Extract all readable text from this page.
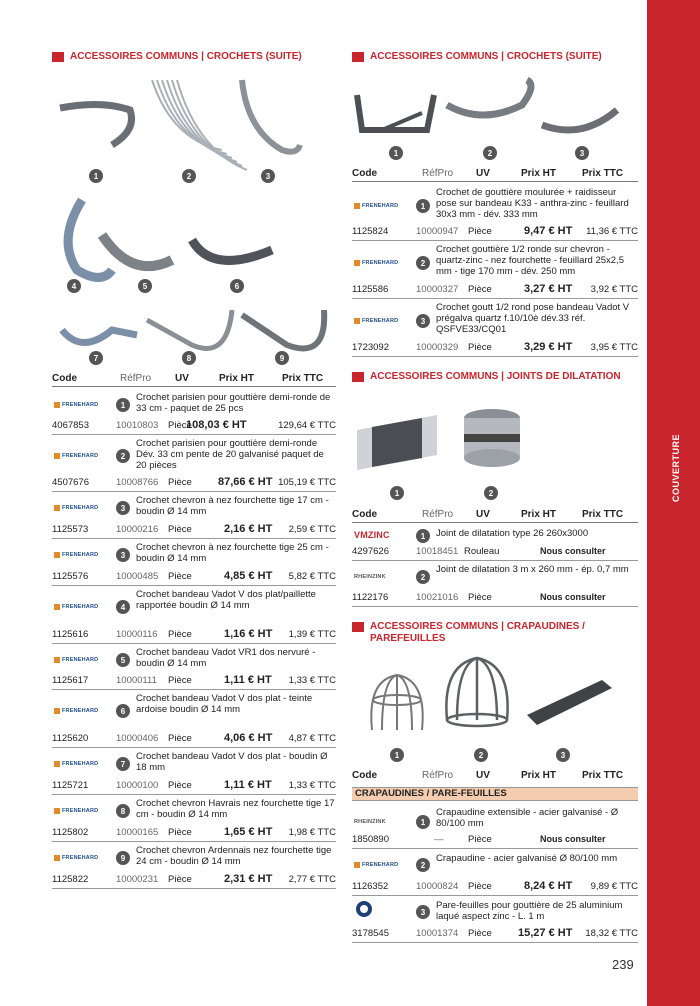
COUVERTURE
239
ACCESSOIRES COMMUNS | CROCHETS (SUITE)
1	2	3
4	5	6
7	8	9
Code	RéfPro UV	Prix HT	Prix TTC
FRENEHARD	1
Crochet parisien pour gouttière demi-ronde de 33 cm - paquet de 25 pcs
4067853	10010803 Pièce
108,03 € HT	129,64 € TTC
FRENEHARD	2
Crochet parisien pour gouttière demi-ronde Dév. 33 cm pente de 20 galvanisé paquet de 20 pièces
4507676	10008766 Pièce 87,66 € HT 105,19 € TTC
FRENEHARD	3
Crochet chevron à nez fourchette tige 17 cm - boudin Ø 14 mm
1125573	10000216 Pièce	2,16 € HT 2,59 € TTC
FRENEHARD	3
Crochet chevron à nez fourchette tige 25 cm - boudin Ø 14 mm
1125576	10000485 Pièce	4,85 € HT 5,82 € TTC
FRENEHARD	4
Crochet bandeau Vadot V dos plat/paillette rapportée boudin Ø 14 mm
1125616	10000116 Pièce	1,16 € HT 1,39 € TTC
FRENEHARD	5
Crochet bandeau Vadot VR1 dos nervuré - boudin Ø 14 mm
1125617	10000111 Pièce	1,11 € HT 1,33 € TTC
FRENEHARD	6
Crochet bandeau Vadot V dos plat - teinte ardoise boudin Ø 14 mm
1125620	10000406 Pièce	4,06 € HT 4,87 € TTC
FRENEHARD	7
Crochet bandeau Vadot V dos plat - boudin Ø 18 mm
1125721	10000100 Pièce	1,11 € HT 1,33 € TTC
FRENEHARD	8
Crochet chevron Havrais nez fourchette tige 17 cm - boudin Ø 14 mm
1125802	10000165 Pièce	1,65 € HT 1,98 € TTC
FRENEHARD	9
Crochet chevron Ardennais nez fourchette tige 24 cm - boudin Ø 14 mm
1125822	10000231 Pièce	2,31 € HT 2,77 € TTC
ACCESSOIRES COMMUNS | CROCHETS (SUITE)
1	2	3
Code	RéfPro UV	Prix HT	Prix TTC
FRENEHARD	1
Crochet de gouttière moulurée + raidisseur pose sur bandeau K33 - anthra-zinc - feuillard 30x3 mm - dév. 333 mm
1125824	10000947 Pièce	9,47 € HT 11,36 € TTC
FRENEHARD	2
Crochet gouttière 1/2 ronde sur chevron - quartz-zinc - nez fourchette - feuillard 25x2,5 mm - tige 170 mm - dév. 250 mm
1125586	10000327 Pièce	3,27 € HT 3,92 € TTC
FRENEHARD	3
Crochet goutt 1/2 rond pose bandeau Vadot V prégalva quartz f.10/10è dév.33 réf. QSFVE33/CQ01
1723092	10000329 Pièce	3,29 € HT 3,95 € TTC
ACCESSOIRES COMMUNS | JOINTS DE DILATATION
1	2
Code	RéfPro UV	Prix HT	Prix TTC
VMZINC	1	Joint de dilatation type 26 260x3000
4297626	10018451 Rouleau	Nous consulter
RHEINZINK	2
Joint de dilatation 3 m x 260 mm - ép. 0,7 mm
1122176	10021016 Pièce	Nous consulter
ACCESSOIRES COMMUNS | CRAPAUDINES / PAREFEUILLES
1	2	3
Code	RéfPro UV	Prix HT	Prix TTC
CRAPAUDINES / PARE-FEUILLES
RHEINZINK	1
Crapaudine extensible - acier galvanisé - Ø 80/100 mm
1850890	—	Pièce	Nous consulter
FRENEHARD	2
Crapaudine - acier galvanisé Ø 80/100 mm
1126352	10000824 Pièce	8,24 € HT 9,89 € TTC
3
Pare-feuilles pour gouttière de 25 aluminium laqué aspect zinc - L. 1 m
3178545	10001374 Pièce 15,27 € HT 18,32 € TTC
